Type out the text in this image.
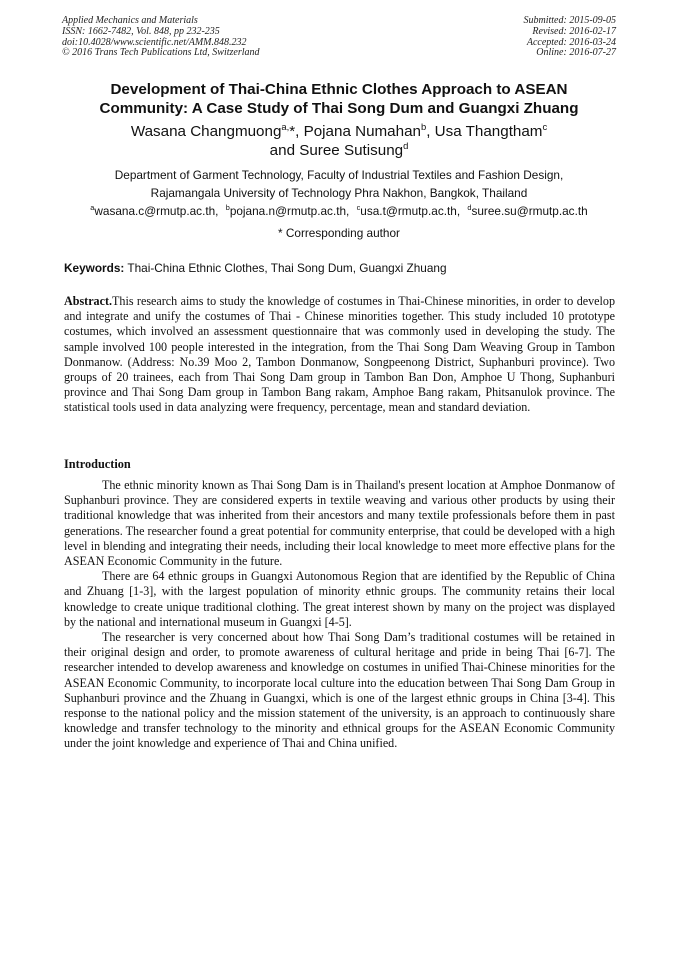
Applied Mechanics and Materials
ISSN: 1662-7482, Vol. 848, pp 232-235
doi:10.4028/www.scientific.net/AMM.848.232
© 2016 Trans Tech Publications Ltd, Switzerland
Submitted: 2015-09-05
Revised: 2016-02-17
Accepted: 2016-03-24
Online: 2016-07-27
Development of Thai-China Ethnic Clothes Approach to ASEAN
Community: A Case Study of Thai Song Dum and Guangxi Zhuang
Wasana Changmuong$^{a,}$*, Pojana Numahan$^b$, Usa Thangtham$^c$
and Suree Sutisung$^d$
Department of Garment Technology, Faculty of Industrial Textiles and Fashion Design,
Rajamangala University of Technology Phra Nakhon, Bangkok, Thailand
$^a$wasana.c@rmutp.ac.th, $^b$pojana.n@rmutp.ac.th, $^c$usa.t@rmutp.ac.th, $^d$suree.su@rmutp.ac.th
* Corresponding author
Keywords: Thai-China Ethnic Clothes, Thai Song Dum, Guangxi Zhuang
Abstract.This research aims to study the knowledge of costumes in Thai-Chinese minorities, in order to develop and integrate and unify the costumes of Thai - Chinese minorities together. This study included 10 prototype costumes, which involved an assessment questionnaire that was commonly used in developing the study. The sample involved 100 people interested in the integration, from the Thai Song Dam Weaving Group in Tambon Donmanow. (Address: No.39 Moo 2, Tambon Donmanow, Songpeenong District, Suphanburi province). Two groups of 20 trainees, each from Thai Song Dam group in Tambon Ban Don, Amphoe U Thong, Suphanburi province and Thai Song Dam group in Tambon Bang rakam, Amphoe Bang rakam, Phitsanulok province. The statistical tools used in data analyzing were frequency, percentage, mean and standard deviation.
Introduction

The ethnic minority known as Thai Song Dam is in Thailand's present location at Amphoe Donmanow of Suphanburi province. They are considered experts in textile weaving and various other products by using their traditional knowledge that was inherited from their ancestors and many textile professionals before them in past generations. The researcher found a great potential for community enterprise, that could be developed with a high level in blending and integrating their needs, including their local knowledge to meet more effective plans for the ASEAN Economic Community in the future.

There are 64 ethnic groups in Guangxi Autonomous Region that are identified by the Republic of China and Zhuang [1-3], with the largest population of minority ethnic groups. The community retains their local knowledge to create unique traditional clothing. The great interest shown by many on the project was displayed by the national and international museum in Guangxi [4-5].

The researcher is very concerned about how Thai Song Dam’s traditional costumes will be retained in their original design and order, to promote awareness of cultural heritage and pride in being Thai [6-7]. The researcher intended to develop awareness and knowledge on costumes in unified Thai-Chinese minorities for the ASEAN Economic Community, to incorporate local culture into the education between Thai Song Dam Group in Suphanburi province and the Zhuang in Guangxi, which is one of the largest ethnic groups in China [3-4]. This response to the national policy and the mission statement of the university, is an approach to continuously share knowledge and transfer technology to the minority and ethnical groups for the ASEAN Economic Community under the joint knowledge and experience of Thai and China unified.
